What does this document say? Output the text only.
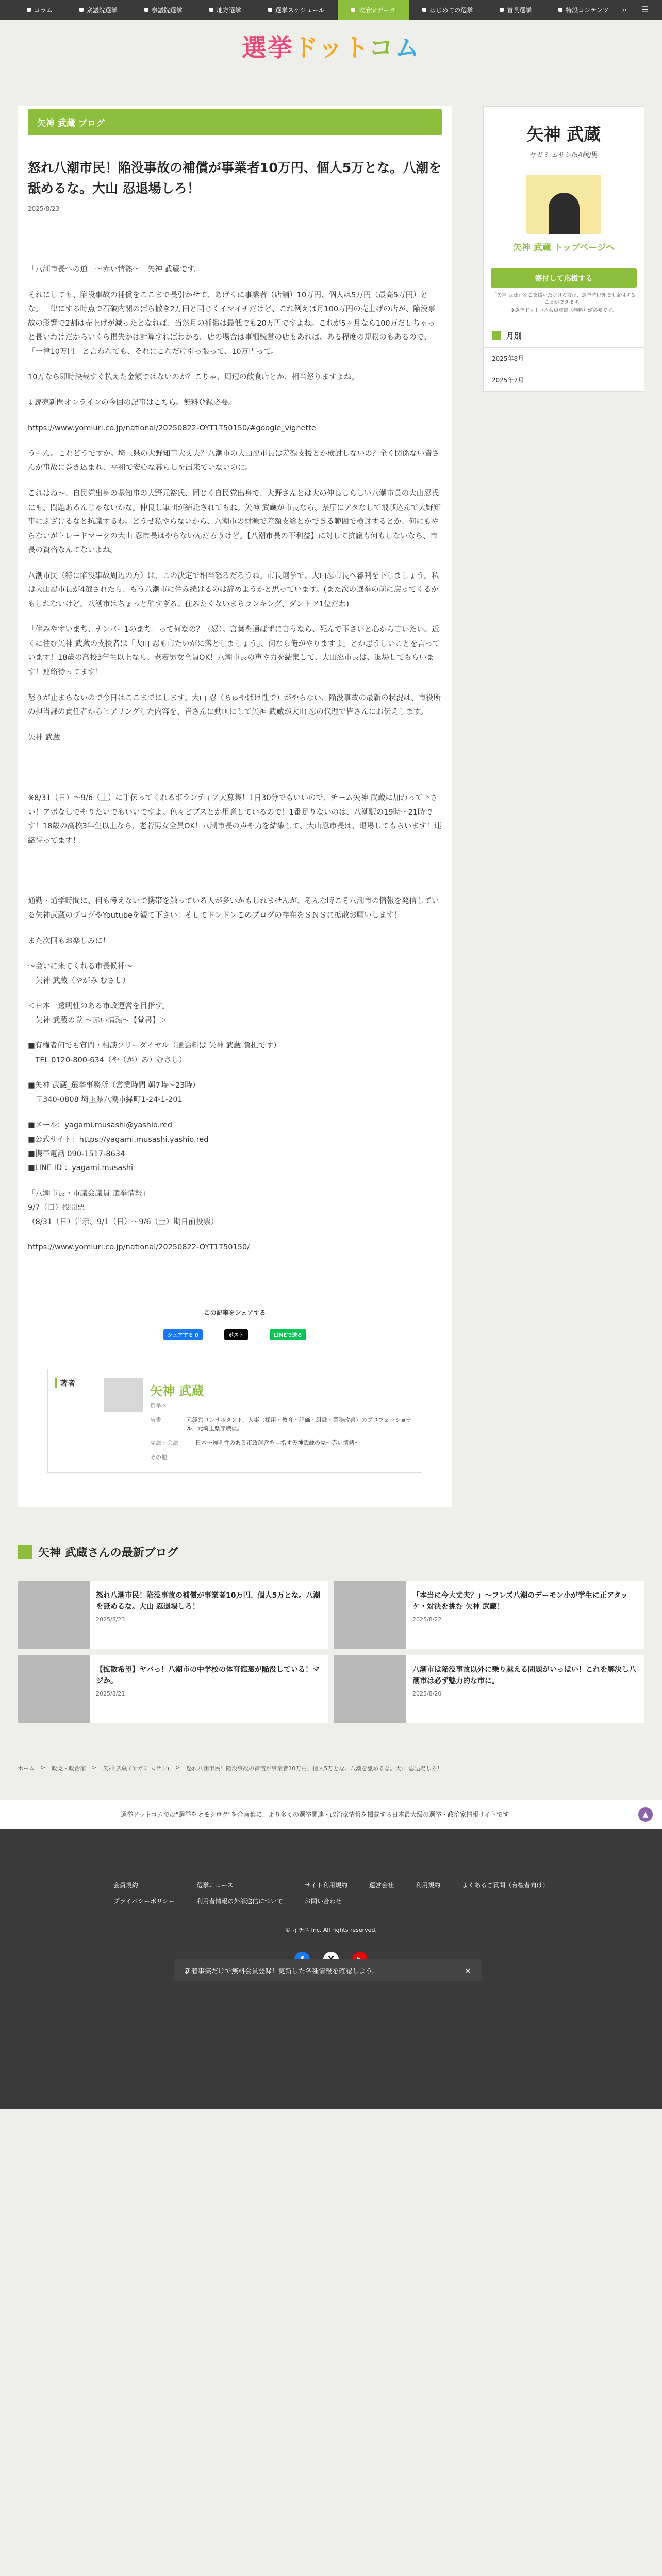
コラム	衆議院選挙	参議院選挙	地方選挙	選挙スケジュール	政治家データ	はじめての選挙	首長選挙	特設コンテンツ ⌕ ☰
選挙ドットコム
矢神 武蔵 ブログ
怒れ八潮市民！陥没事故の補償が事業者10万円、個人5万とな。八潮を舐めるな。大山 忍退場しろ！
2025/8/23

「八潮市長への道」～赤い情熱～　矢神 武蔵です。

それにしても、陥没事故の補償をここまで長引かせて、あげくに事業者（店舗）10万円、個人は5万円（最高5万円）とな。一律にする時点で石破内閣のばら撒き2万円と同じくイマイチだけど、これ例えば月100万円の売上げの店が、陥没事故の影響で2割は売上げが減ったとなれば、当然月の補償は最低でも20万円ですよね。これが5ヶ月なら100万だしちゃっと長いわけだからいくら損失かは計算すればわかる。店の場合は事細続営の店もあれば、ある程度の規模のもあるので、「一律10万円」と言われても、それにこれだけ引っ張って、10万円って。

10万なら即時決裁すぐ払えた金額ではないのか？こりゃ、周辺の飲食店とか、相当怒りますよね。

↓読売新聞オンラインの今回の記事はこちら。無料登録必要。

https://www.yomiuri.co.jp/national/20250822-OYT1T50150/#google_vignette

うーん。これどうですか。埼玉県の大野知事大丈夫？八潮市の大山忍市長は差額支援とか検討しないの？全く関係ない皆さんが事故に巻き込まれ、平和で安心な暮らしを出来ていないのに。

これはね〜、自民党出身の県知事の大野元裕氏、同じく自民党出身で、大野さんとは大の仲良しらしい八潮市長の大山忍氏にも、問題あるんじゃないかな。仲良し軍団が結託されてもね。矢神 武蔵が市長なら、県庁にアタなして飛び込んで大野知事にふざけるなと抗議するわ。どうせ私やらないから、八潮市の財源で差額支給とかできる範囲で検討するとか、何にもやらないがトレードマークの大山 忍市長はやらないんだろうけど。【八潮市長の不利益】に対して抗議も何もしないなら、市長の資格なんてないよね。

八潮市民（特に陥没事故周辺の方）は、この決定で相当怒るだろうね。市長選挙で、大山忍市長へ審判を下しましょう。私は大山忍市長が4選されたら、もう八潮市に住み続けるのは辞めようかと思っています。(また次の選挙の前に戻ってくるかもしれないけど。八潮市はちょっと酷すぎる。住みたくないまちランキング、ダントツ1位だわ)

「住みやすいまち、ナンバー1のまち」って何なの？（怒）。言葉を通ばずに言うなら、死んで下さいと心から言いたい。近くに住む矢神 武蔵の支援者は「大山 忍も市たいがに落としましょう」、何なら俺がやりますよ」とか思うしいことを言っています！18歳の高校3年生以上なら、老若男女全員OK！八潮市長の声や力を結集して、大山忍市長は、退場してもらいます！連絡待ってます！

怒りが止まらないので今日はここまでにします。大山 忍（ちゅやばけ性で）がやらない、陥没事故の最新の状況は、市役所の担当課の責任者からヒアリングした内容を、皆さんに動画にして矢神 武蔵が大山 忍の代理で皆さんにお伝えします。

矢神 武蔵

※8/31（日）～9/6（土）に手伝ってくれるボランティア大募集！1日30分でもいいので、チーム矢神 武蔵に加わって下さい！アポなしでやりたいでもいいですよ。色々ビブスとか用意しているので！1番足りないのは、八潮駅の19時～21時です！18歳の高校3年生以上なら、老若男女全員OK！八潮市長の声や力を結集して、大山忍市長は、退場してもらいます！連絡待ってます！

通勤・通学時間に、何も考えないで携帯を触っている人が多いかもしれませんが、そんな時こそ八潮市の情報を発信している矢神武蔵のブログやYoutubeを観て下さい！そしてドンドンこのブログの存在をＳＮＳに拡散お願いします！

また次回もお楽しみに！

～会いに来てくれる市長候補～
　矢神 武蔵（やがみ むさし）

＜日本一透明性のある市政運営を目指す。
　矢神 武蔵の党 ～赤い情熱～【覚書】＞

■有権者何でも質問・相談フリーダイヤル（通話料は 矢神 武蔵 負担です）
　TEL 0120-800-634（や（が）み）むさし）

■矢神 武蔵_選挙事務所（営業時間 朝7時～23時）
　〒340-0808 埼玉県八潮市緑町1-24-1-201

■メール：yagami.musashi@yashio.red
■公式サイト：https://yagami.musashi.yashio.red
■携帯電話 090-1517-8634
■LINE ID ：yagami.musashi

「八潮市長・市議会議員 選挙情報」
9/7（日）投開票
（8/31（日）告示、9/1（日）～9/6（土）期日前投票）

https://www.yomiuri.co.jp/national/20250822-OYT1T50150/

この記事をシェアする
シェアする 0	ポスト	LINEで送る
著者
矢神 武蔵
選挙区
肩書	元経営コンサルタント、人事（採用・教育・評価・組織・業務改善）のプロフェッショナル、元埼玉県庁職員。
党派・会派	日本一透明性のある市政運営を目指す矢神武蔵の党～赤い情熱～
その他
矢神 武蔵
ヤガミ ムサシ/54歳/男
矢神 武蔵 トップページへ
寄付して応援する
「矢神 武蔵」をご支援いただける方は、選挙時以外でも寄付することができます。
※選挙ドットコム会員登録（無料）が必要です。
月別
2025年8月
2025年7月
新着事実だけで無料会員登録！更新した各種情報を確認しよう。	×
矢神 武蔵さんの最新ブログ
怒れ八潮市民！陥没事故の補償が事業者10万円、個人5万とな。八潮を舐めるな。大山 忍退場しろ！
2025/8/23
「本当に今大丈夫？」～フレズ八潮のデーモン小が学生に正アタッケ・対決を挑む 矢神 武蔵！
2025/8/22
【拡散希望】ヤバっ！八潮市の中学校の体育館裏が陥没している！マジか。
2025/8/21
八潮市は陥没事故以外に乗り越える問題がいっぱい！これを解決し八潮市は必ず魅力的な市に。
2025/8/20
ホーム > 政党・政治家 > 矢神 武蔵 (ヤガミ ムサシ) > 怒れ八潮市民！陥没事故の補償が事業者10万円、個人5万とな。八潮を舐めるな。大山 忍退場しろ！
選挙ドットコムでは"選挙をオモシロク"を合言葉に、より多くの選挙関連・政治家情報を掲載する日本最大級の選挙・政治家情報サイトです	▲
会員規約	選挙ニュース	サイト利用規約	運営会社	利用規約	よくあるご質問（有権者向け）
プライバシーポリシー	利用者情報の外部送信について	お問い合わせ
© イチニ Inc. All rights reserved.
